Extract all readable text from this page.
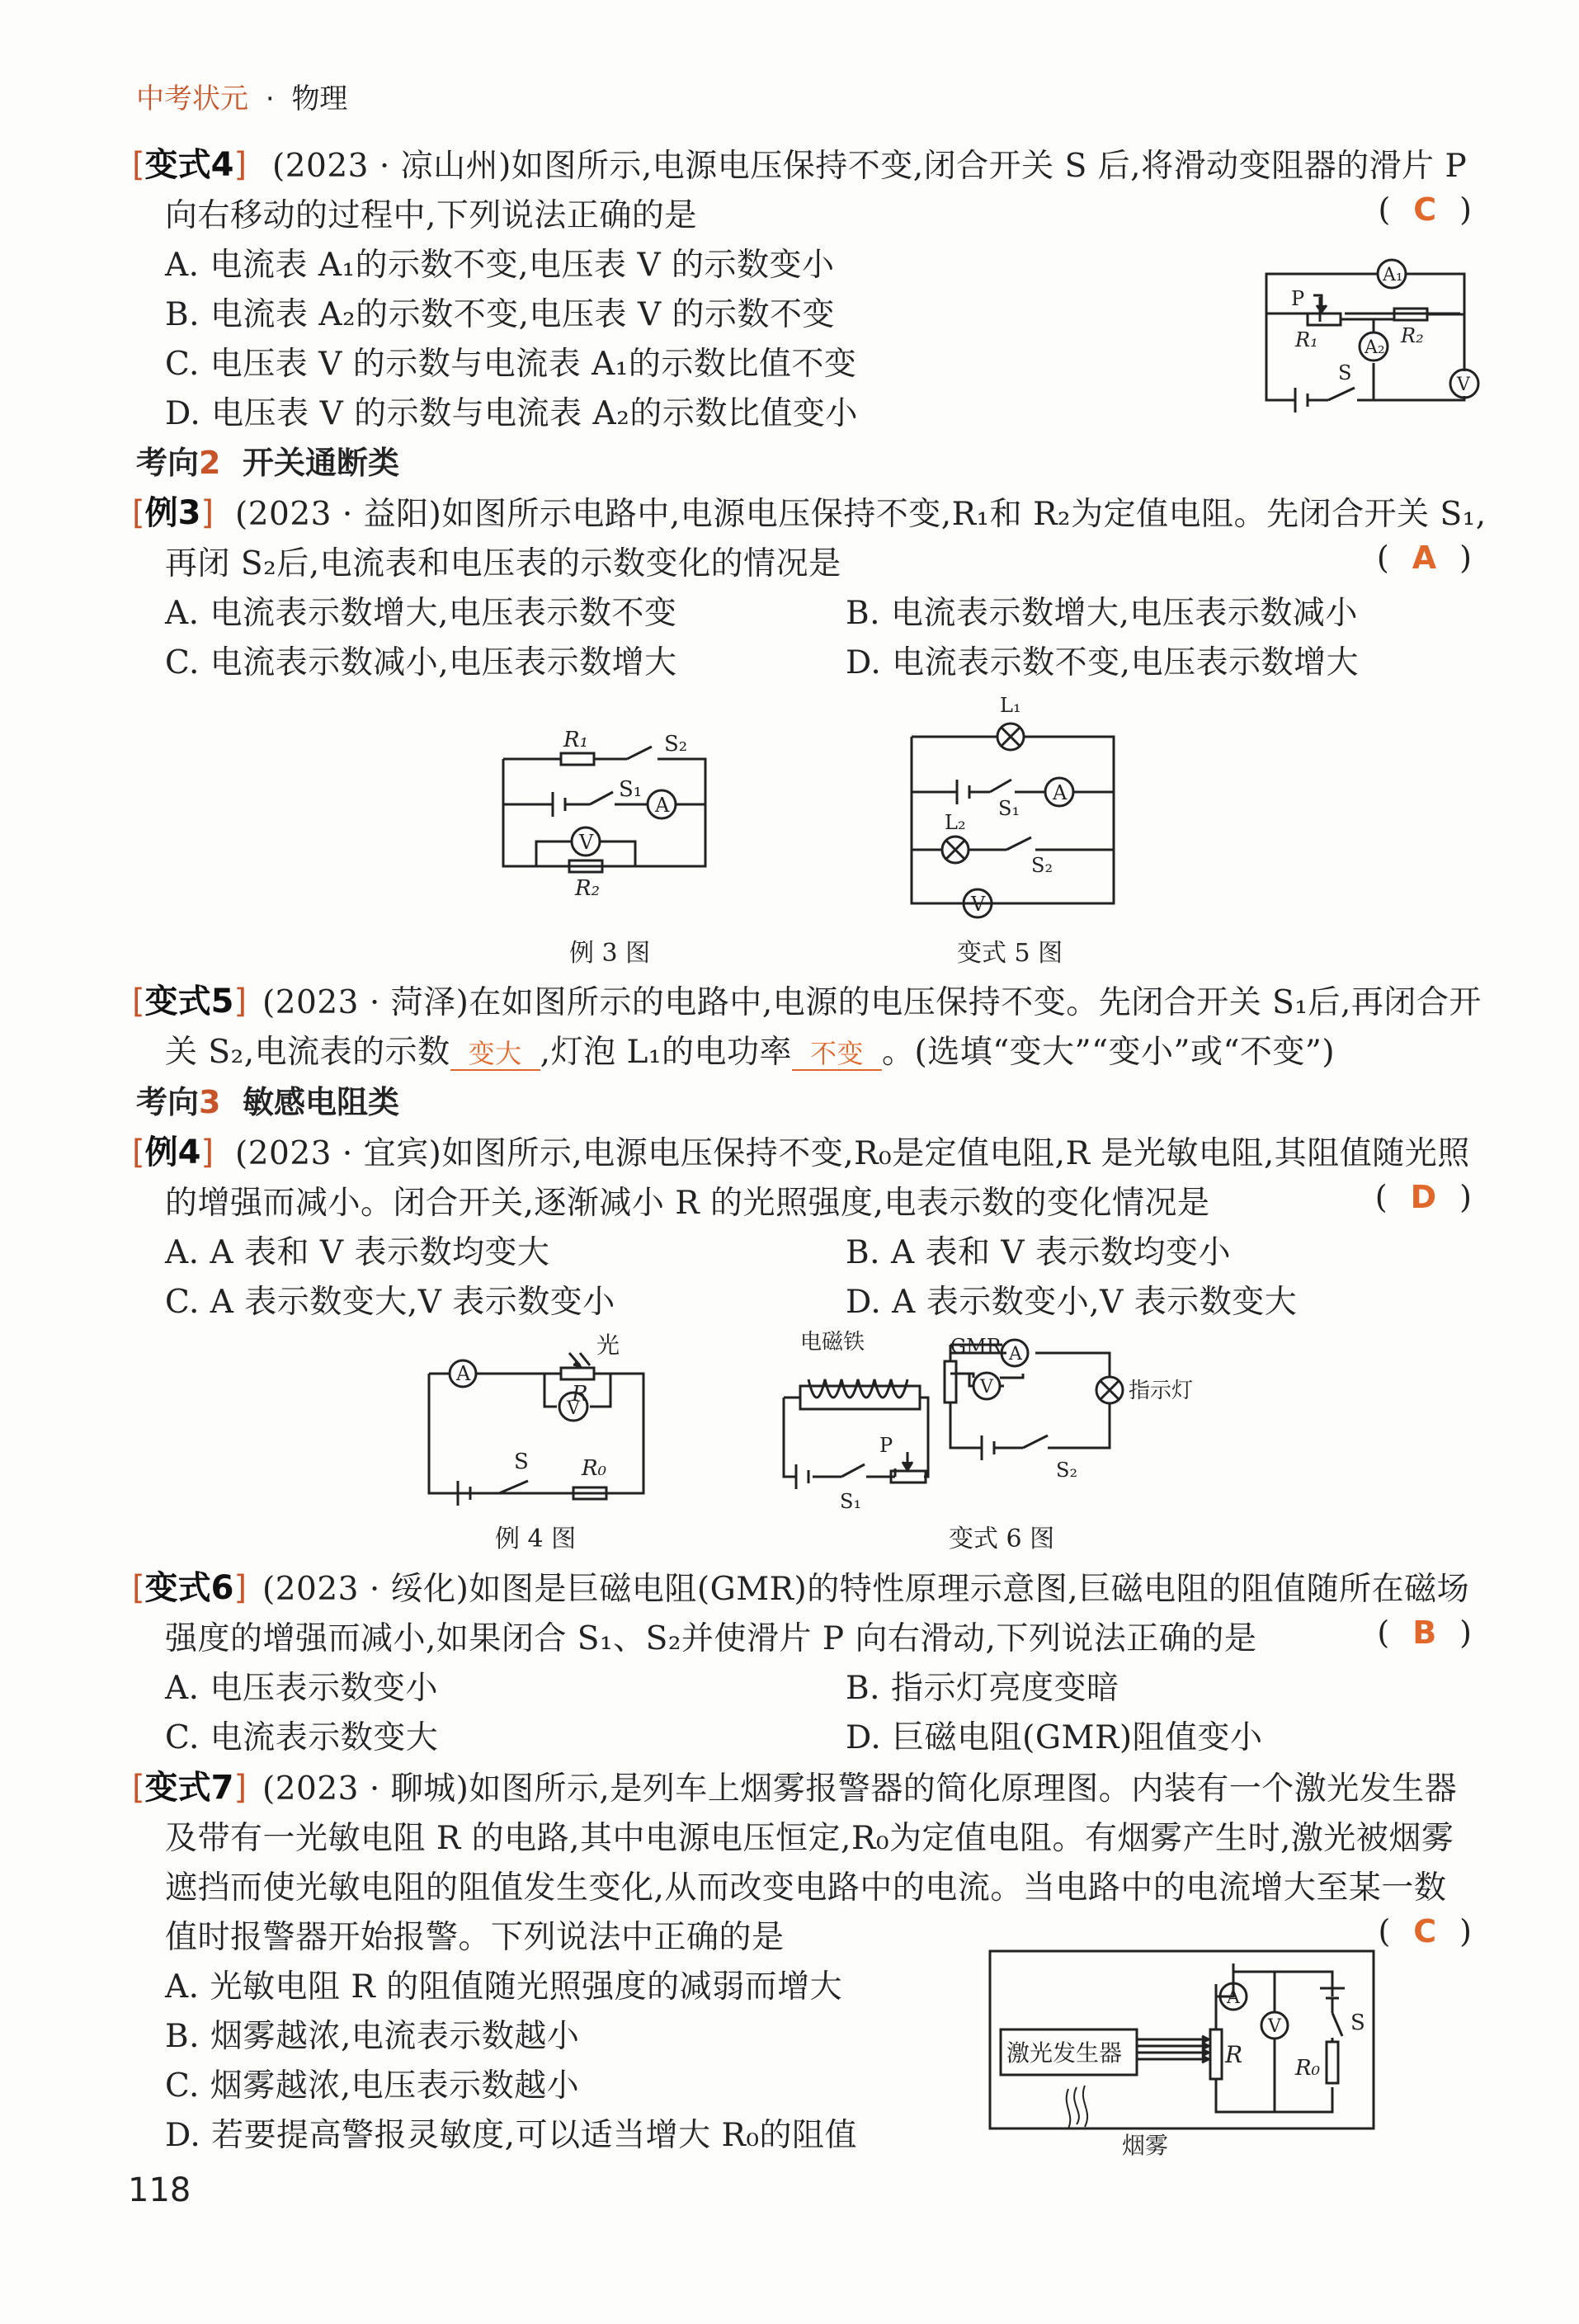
中考状元 · 物理
[变式4] (2023 · 凉山州)如图所示,电源电压保持不变,闭合开关 S 后,将滑动变阻器的滑片 P
向右移动的过程中,下列说法正确的是	( C )
A. 电流表 A₁的示数不变,电压表 V 的示数变小
B. 电流表 A₂的示数不变,电压表 V 的示数不变
C. 电压表 V 的示数与电流表 A₁的示数比值不变
D. 电压表 V 的示数与电流表 A₂的示数比值变小
A₁
A₂
V
P
R₁	R₂
S
考向2 开关通断类
[例3] (2023 · 益阳)如图所示电路中,电源电压保持不变,R₁和 R₂为定值电阻。先闭合开关 S₁,
再闭 S₂后,电流表和电压表的示数变化的情况是	( A )
A. 电流表示数增大,电压表示数不变	B. 电流表示数增大,电压表示数减小
C. 电流表示数减小,电压表示数增大	D. 电流表示数不变,电压表示数增大
R₁	S₂
S₁
A
V
R₂
例 3 图
L₁
S₁
A
L₂
S₂
V
变式 5 图
[变式5] (2023 · 菏泽)在如图所示的电路中,电源的电压保持不变。先闭合开关 S₁后,再闭合开
关 S₂,电流表的示数 变大 ,灯泡 L₁的电功率 不变 。(选填“变大”“变小”或“不变”)
考向3 敏感电阻类
[例4] (2023 · 宜宾)如图所示,电源电压保持不变,R₀是定值电阻,R 是光敏电阻,其阻值随光照
的增强而减小。闭合开关,逐渐减小 R 的光照强度,电表示数的变化情况是	( D )
A. A 表和 V 表示数均变大	B. A 表和 V 表示数均变小
C. A 表示数变大,V 表示数变小	D. A 表示数变小,V 表示数变大
A
光
R
V
S R₀
例 4 图
电磁铁	GMR A
V	指示灯
P
S₁
S₂
变式 6 图
[变式6] (2023 · 绥化)如图是巨磁电阻(GMR)的特性原理示意图,巨磁电阻的阻值随所在磁场
强度的增强而减小,如果闭合 S₁、S₂并使滑片 P 向右滑动,下列说法正确的是	( B )
A. 电压表示数变小	B. 指示灯亮度变暗
C. 电流表示数变大	D. 巨磁电阻(GMR)阻值变小
[变式7] (2023 · 聊城)如图所示,是列车上烟雾报警器的简化原理图。内装有一个激光发生器
及带有一光敏电阻 R 的电路,其中电源电压恒定,R₀为定值电阻。有烟雾产生时,激光被烟雾
遮挡而使光敏电阻的阻值发生变化,从而改变电路中的电流。当电路中的电流增大至某一数
值时报警器开始报警。下列说法中正确的是	( C )
A. 光敏电阻 R 的阻值随光照强度的减弱而增大
B. 烟雾越浓,电流表示数越小
C. 烟雾越浓,电压表示数越小
D. 若要提高警报灵敏度,可以适当增大 R₀的阻值
激光发生器
A
V
R R₀
S
烟雾
118
